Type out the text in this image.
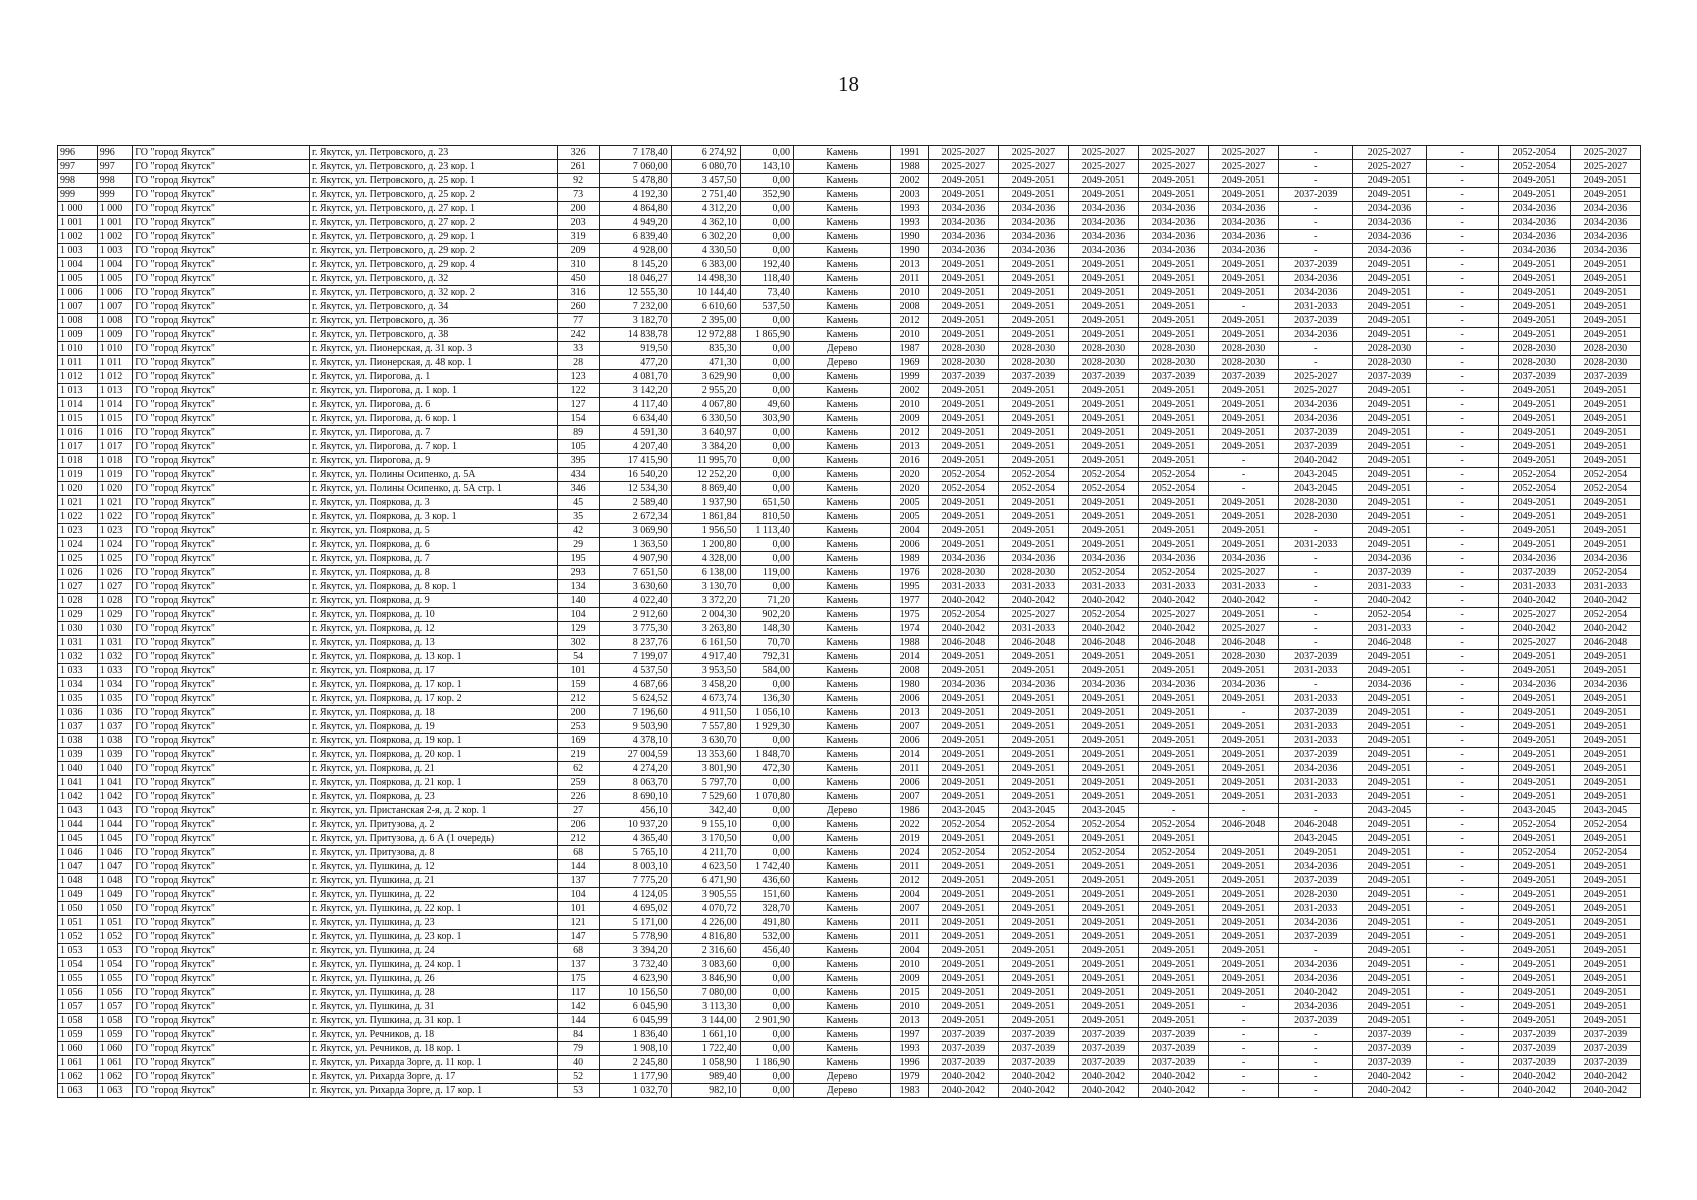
18
996	996	ГО "город Якутск"	г. Якутск, ул. Петровского, д. 23	326	7 178,40	6 274,92	0,00	Камень	1991	2025-2027	2025-2027	2025-2027	2025-2027	2025-2027	-	2025-2027	-	2052-2054	2025-2027
997	997	ГО "город Якутск"	г. Якутск, ул. Петровского, д. 23 кор. 1	261	7 060,00	6 080,70	143,10	Камень	1988	2025-2027	2025-2027	2025-2027	2025-2027	2025-2027	-	2025-2027	-	2052-2054	2025-2027
998	998	ГО "город Якутск"	г. Якутск, ул. Петровского, д. 25 кор. 1	92	5 478,80	3 457,50	0,00	Камень	2002	2049-2051	2049-2051	2049-2051	2049-2051	2049-2051	-	2049-2051	-	2049-2051	2049-2051
999	999	ГО "город Якутск"	г. Якутск, ул. Петровского, д. 25 кор. 2	73	4 192,30	2 751,40	352,90	Камень	2003	2049-2051	2049-2051	2049-2051	2049-2051	2049-2051	2037-2039	2049-2051	-	2049-2051	2049-2051
1 000	1 000	ГО "город Якутск"	г. Якутск, ул. Петровского, д. 27 кор. 1	200	4 864,80	4 312,20	0,00	Камень	1993	2034-2036	2034-2036	2034-2036	2034-2036	2034-2036	-	2034-2036	-	2034-2036	2034-2036
1 001	1 001	ГО "город Якутск"	г. Якутск, ул. Петровского, д. 27 кор. 2	203	4 949,20	4 362,10	0,00	Камень	1993	2034-2036	2034-2036	2034-2036	2034-2036	2034-2036	-	2034-2036	-	2034-2036	2034-2036
1 002	1 002	ГО "город Якутск"	г. Якутск, ул. Петровского, д. 29 кор. 1	319	6 839,40	6 302,20	0,00	Камень	1990	2034-2036	2034-2036	2034-2036	2034-2036	2034-2036	-	2034-2036	-	2034-2036	2034-2036
1 003	1 003	ГО "город Якутск"	г. Якутск, ул. Петровского, д. 29 кор. 2	209	4 928,00	4 330,50	0,00	Камень	1990	2034-2036	2034-2036	2034-2036	2034-2036	2034-2036	-	2034-2036	-	2034-2036	2034-2036
1 004	1 004	ГО "город Якутск"	г. Якутск, ул. Петровского, д. 29 кор. 4	310	8 145,20	6 383,00	192,40	Камень	2013	2049-2051	2049-2051	2049-2051	2049-2051	2049-2051	2037-2039	2049-2051	-	2049-2051	2049-2051
1 005	1 005	ГО "город Якутск"	г. Якутск, ул. Петровского, д. 32	450	18 046,27	14 498,30	118,40	Камень	2011	2049-2051	2049-2051	2049-2051	2049-2051	2049-2051	2034-2036	2049-2051	-	2049-2051	2049-2051
1 006	1 006	ГО "город Якутск"	г. Якутск, ул. Петровского, д. 32 кор. 2	316	12 555,30	10 144,40	73,40	Камень	2010	2049-2051	2049-2051	2049-2051	2049-2051	2049-2051	2034-2036	2049-2051	-	2049-2051	2049-2051
1 007	1 007	ГО "город Якутск"	г. Якутск, ул. Петровского, д. 34	260	7 232,00	6 610,60	537,50	Камень	2008	2049-2051	2049-2051	2049-2051	2049-2051	-	2031-2033	2049-2051	-	2049-2051	2049-2051
1 008	1 008	ГО "город Якутск"	г. Якутск, ул. Петровского, д. 36	77	3 182,70	2 395,00	0,00	Камень	2012	2049-2051	2049-2051	2049-2051	2049-2051	2049-2051	2037-2039	2049-2051	-	2049-2051	2049-2051
1 009	1 009	ГО "город Якутск"	г. Якутск, ул. Петровского, д. 38	242	14 838,78	12 972,88	1 865,90	Камень	2010	2049-2051	2049-2051	2049-2051	2049-2051	2049-2051	2034-2036	2049-2051	-	2049-2051	2049-2051
1 010	1 010	ГО "город Якутск"	г. Якутск, ул. Пионерская, д. 31 кор. 3	33	919,50	835,30	0,00	Дерево	1987	2028-2030	2028-2030	2028-2030	2028-2030	2028-2030	-	2028-2030	-	2028-2030	2028-2030
1 011	1 011	ГО "город Якутск"	г. Якутск, ул. Пионерская, д. 48 кор. 1	28	477,20	471,30	0,00	Дерево	1969	2028-2030	2028-2030	2028-2030	2028-2030	2028-2030	-	2028-2030	-	2028-2030	2028-2030
1 012	1 012	ГО "город Якутск"	г. Якутск, ул. Пирогова, д. 1	123	4 081,70	3 629,90	0,00	Камень	1999	2037-2039	2037-2039	2037-2039	2037-2039	2037-2039	2025-2027	2037-2039	-	2037-2039	2037-2039
1 013	1 013	ГО "город Якутск"	г. Якутск, ул. Пирогова, д. 1 кор. 1	122	3 142,20	2 955,20	0,00	Камень	2002	2049-2051	2049-2051	2049-2051	2049-2051	2049-2051	2025-2027	2049-2051	-	2049-2051	2049-2051
1 014	1 014	ГО "город Якутск"	г. Якутск, ул. Пирогова, д. 6	127	4 117,40	4 067,80	49,60	Камень	2010	2049-2051	2049-2051	2049-2051	2049-2051	2049-2051	2034-2036	2049-2051	-	2049-2051	2049-2051
1 015	1 015	ГО "город Якутск"	г. Якутск, ул. Пирогова, д. 6 кор. 1	154	6 634,40	6 330,50	303,90	Камень	2009	2049-2051	2049-2051	2049-2051	2049-2051	2049-2051	2034-2036	2049-2051	-	2049-2051	2049-2051
1 016	1 016	ГО "город Якутск"	г. Якутск, ул. Пирогова, д. 7	89	4 591,30	3 640,97	0,00	Камень	2012	2049-2051	2049-2051	2049-2051	2049-2051	2049-2051	2037-2039	2049-2051	-	2049-2051	2049-2051
1 017	1 017	ГО "город Якутск"	г. Якутск, ул. Пирогова, д. 7 кор. 1	105	4 207,40	3 384,20	0,00	Камень	2013	2049-2051	2049-2051	2049-2051	2049-2051	2049-2051	2037-2039	2049-2051	-	2049-2051	2049-2051
1 018	1 018	ГО "город Якутск"	г. Якутск, ул. Пирогова, д. 9	395	17 415,90	11 995,70	0,00	Камень	2016	2049-2051	2049-2051	2049-2051	2049-2051	-	2040-2042	2049-2051	-	2049-2051	2049-2051
1 019	1 019	ГО "город Якутск"	г. Якутск, ул. Полины Осипенко, д. 5А	434	16 540,20	12 252,20	0,00	Камень	2020	2052-2054	2052-2054	2052-2054	2052-2054	-	2043-2045	2049-2051	-	2052-2054	2052-2054
1 020	1 020	ГО "город Якутск"	г. Якутск, ул. Полины Осипенко, д. 5А стр. 1	346	12 534,30	8 869,40	0,00	Камень	2020	2052-2054	2052-2054	2052-2054	2052-2054	-	2043-2045	2049-2051	-	2052-2054	2052-2054
1 021	1 021	ГО "город Якутск"	г. Якутск, ул. Пояркова, д. 3	45	2 589,40	1 937,90	651,50	Камень	2005	2049-2051	2049-2051	2049-2051	2049-2051	2049-2051	2028-2030	2049-2051	-	2049-2051	2049-2051
1 022	1 022	ГО "город Якутск"	г. Якутск, ул. Пояркова, д. 3 кор. 1	35	2 672,34	1 861,84	810,50	Камень	2005	2049-2051	2049-2051	2049-2051	2049-2051	2049-2051	2028-2030	2049-2051	-	2049-2051	2049-2051
1 023	1 023	ГО "город Якутск"	г. Якутск, ул. Пояркова, д. 5	42	3 069,90	1 956,50	1 113,40	Камень	2004	2049-2051	2049-2051	2049-2051	2049-2051	2049-2051	-	2049-2051	-	2049-2051	2049-2051
1 024	1 024	ГО "город Якутск"	г. Якутск, ул. Пояркова, д. 6	29	1 363,50	1 200,80	0,00	Камень	2006	2049-2051	2049-2051	2049-2051	2049-2051	2049-2051	2031-2033	2049-2051	-	2049-2051	2049-2051
1 025	1 025	ГО "город Якутск"	г. Якутск, ул. Пояркова, д. 7	195	4 907,90	4 328,00	0,00	Камень	1989	2034-2036	2034-2036	2034-2036	2034-2036	2034-2036	-	2034-2036	-	2034-2036	2034-2036
1 026	1 026	ГО "город Якутск"	г. Якутск, ул. Пояркова, д. 8	293	7 651,50	6 138,00	119,00	Камень	1976	2028-2030	2028-2030	2052-2054	2052-2054	2025-2027	-	2037-2039	-	2037-2039	2052-2054
1 027	1 027	ГО "город Якутск"	г. Якутск, ул. Пояркова, д. 8 кор. 1	134	3 630,60	3 130,70	0,00	Камень	1995	2031-2033	2031-2033	2031-2033	2031-2033	2031-2033	-	2031-2033	-	2031-2033	2031-2033
1 028	1 028	ГО "город Якутск"	г. Якутск, ул. Пояркова, д. 9	140	4 022,40	3 372,20	71,20	Камень	1977	2040-2042	2040-2042	2040-2042	2040-2042	2040-2042	-	2040-2042	-	2040-2042	2040-2042
1 029	1 029	ГО "город Якутск"	г. Якутск, ул. Пояркова, д. 10	104	2 912,60	2 004,30	902,20	Камень	1975	2052-2054	2025-2027	2052-2054	2025-2027	2049-2051	-	2052-2054	-	2025-2027	2052-2054
1 030	1 030	ГО "город Якутск"	г. Якутск, ул. Пояркова, д. 12	129	3 775,30	3 263,80	148,30	Камень	1974	2040-2042	2031-2033	2040-2042	2040-2042	2025-2027	-	2031-2033	-	2040-2042	2040-2042
1 031	1 031	ГО "город Якутск"	г. Якутск, ул. Пояркова, д. 13	302	8 237,76	6 161,50	70,70	Камень	1988	2046-2048	2046-2048	2046-2048	2046-2048	2046-2048	-	2046-2048	-	2025-2027	2046-2048
1 032	1 032	ГО "город Якутск"	г. Якутск, ул. Пояркова, д. 13 кор. 1	54	7 199,07	4 917,40	792,31	Камень	2014	2049-2051	2049-2051	2049-2051	2049-2051	2028-2030	2037-2039	2049-2051	-	2049-2051	2049-2051
1 033	1 033	ГО "город Якутск"	г. Якутск, ул. Пояркова, д. 17	101	4 537,50	3 953,50	584,00	Камень	2008	2049-2051	2049-2051	2049-2051	2049-2051	2049-2051	2031-2033	2049-2051	-	2049-2051	2049-2051
1 034	1 034	ГО "город Якутск"	г. Якутск, ул. Пояркова, д. 17 кор. 1	159	4 687,66	3 458,20	0,00	Камень	1980	2034-2036	2034-2036	2034-2036	2034-2036	2034-2036	-	2034-2036	-	2034-2036	2034-2036
1 035	1 035	ГО "город Якутск"	г. Якутск, ул. Пояркова, д. 17 кор. 2	212	5 624,52	4 673,74	136,30	Камень	2006	2049-2051	2049-2051	2049-2051	2049-2051	2049-2051	2031-2033	2049-2051	-	2049-2051	2049-2051
1 036	1 036	ГО "город Якутск"	г. Якутск, ул. Пояркова, д. 18	200	7 196,60	4 911,50	1 056,10	Камень	2013	2049-2051	2049-2051	2049-2051	2049-2051	-	2037-2039	2049-2051	-	2049-2051	2049-2051
1 037	1 037	ГО "город Якутск"	г. Якутск, ул. Пояркова, д. 19	253	9 503,90	7 557,80	1 929,30	Камень	2007	2049-2051	2049-2051	2049-2051	2049-2051	2049-2051	2031-2033	2049-2051	-	2049-2051	2049-2051
1 038	1 038	ГО "город Якутск"	г. Якутск, ул. Пояркова, д. 19 кор. 1	169	4 378,10	3 630,70	0,00	Камень	2006	2049-2051	2049-2051	2049-2051	2049-2051	2049-2051	2031-2033	2049-2051	-	2049-2051	2049-2051
1 039	1 039	ГО "город Якутск"	г. Якутск, ул. Пояркова, д. 20 кор. 1	219	27 004,59	13 353,60	1 848,70	Камень	2014	2049-2051	2049-2051	2049-2051	2049-2051	2049-2051	2037-2039	2049-2051	-	2049-2051	2049-2051
1 040	1 040	ГО "город Якутск"	г. Якутск, ул. Пояркова, д. 21	62	4 274,20	3 801,90	472,30	Камень	2011	2049-2051	2049-2051	2049-2051	2049-2051	2049-2051	2034-2036	2049-2051	-	2049-2051	2049-2051
1 041	1 041	ГО "город Якутск"	г. Якутск, ул. Пояркова, д. 21 кор. 1	259	8 063,70	5 797,70	0,00	Камень	2006	2049-2051	2049-2051	2049-2051	2049-2051	2049-2051	2031-2033	2049-2051	-	2049-2051	2049-2051
1 042	1 042	ГО "город Якутск"	г. Якутск, ул. Пояркова, д. 23	226	8 690,10	7 529,60	1 070,80	Камень	2007	2049-2051	2049-2051	2049-2051	2049-2051	2049-2051	2031-2033	2049-2051	-	2049-2051	2049-2051
1 043	1 043	ГО "город Якутск"	г. Якутск, ул. Пристанская 2-я, д. 2 кор. 1	27	456,10	342,40	0,00	Дерево	1986	2043-2045	2043-2045	2043-2045	-	-	-	2043-2045	-	2043-2045	2043-2045
1 044	1 044	ГО "город Якутск"	г. Якутск, ул. Притузова, д. 2	206	10 937,20	9 155,10	0,00	Камень	2022	2052-2054	2052-2054	2052-2054	2052-2054	2046-2048	2046-2048	2049-2051	-	2052-2054	2052-2054
1 045	1 045	ГО "город Якутск"	г. Якутск, ул. Притузова, д. 6 А (1 очередь)	212	4 365,40	3 170,50	0,00	Камень	2019	2049-2051	2049-2051	2049-2051	2049-2051		2043-2045	2049-2051	-	2049-2051	2049-2051
1 046	1 046	ГО "город Якутск"	г. Якутск, ул. Притузова, д. 8	68	5 765,10	4 211,70	0,00	Камень	2024	2052-2054	2052-2054	2052-2054	2052-2054	2049-2051	2049-2051	2049-2051	-	2052-2054	2052-2054
1 047	1 047	ГО "город Якутск"	г. Якутск, ул. Пушкина, д. 12	144	8 003,10	4 623,50	1 742,40	Камень	2011	2049-2051	2049-2051	2049-2051	2049-2051	2049-2051	2034-2036	2049-2051	-	2049-2051	2049-2051
1 048	1 048	ГО "город Якутск"	г. Якутск, ул. Пушкина, д. 21	137	7 775,20	6 471,90	436,60	Камень	2012	2049-2051	2049-2051	2049-2051	2049-2051	2049-2051	2037-2039	2049-2051	-	2049-2051	2049-2051
1 049	1 049	ГО "город Якутск"	г. Якутск, ул. Пушкина, д. 22	104	4 124,05	3 905,55	151,60	Камень	2004	2049-2051	2049-2051	2049-2051	2049-2051	2049-2051	2028-2030	2049-2051	-	2049-2051	2049-2051
1 050	1 050	ГО "город Якутск"	г. Якутск, ул. Пушкина, д. 22 кор. 1	101	4 695,02	4 070,72	328,70	Камень	2007	2049-2051	2049-2051	2049-2051	2049-2051	2049-2051	2031-2033	2049-2051	-	2049-2051	2049-2051
1 051	1 051	ГО "город Якутск"	г. Якутск, ул. Пушкина, д. 23	121	5 171,00	4 226,00	491,80	Камень	2011	2049-2051	2049-2051	2049-2051	2049-2051	2049-2051	2034-2036	2049-2051	-	2049-2051	2049-2051
1 052	1 052	ГО "город Якутск"	г. Якутск, ул. Пушкина, д. 23 кор. 1	147	5 778,90	4 816,80	532,00	Камень	2011	2049-2051	2049-2051	2049-2051	2049-2051	2049-2051	2037-2039	2049-2051	-	2049-2051	2049-2051
1 053	1 053	ГО "город Якутск"	г. Якутск, ул. Пушкина, д. 24	68	3 394,20	2 316,60	456,40	Камень	2004	2049-2051	2049-2051	2049-2051	2049-2051	2049-2051	-	2049-2051	-	2049-2051	2049-2051
1 054	1 054	ГО "город Якутск"	г. Якутск, ул. Пушкина, д. 24 кор. 1	137	3 732,40	3 083,60	0,00	Камень	2010	2049-2051	2049-2051	2049-2051	2049-2051	2049-2051	2034-2036	2049-2051	-	2049-2051	2049-2051
1 055	1 055	ГО "город Якутск"	г. Якутск, ул. Пушкина, д. 26	175	4 623,90	3 846,90	0,00	Камень	2009	2049-2051	2049-2051	2049-2051	2049-2051	2049-2051	2034-2036	2049-2051	-	2049-2051	2049-2051
1 056	1 056	ГО "город Якутск"	г. Якутск, ул. Пушкина, д. 28	117	10 156,50	7 080,00	0,00	Камень	2015	2049-2051	2049-2051	2049-2051	2049-2051	2049-2051	2040-2042	2049-2051	-	2049-2051	2049-2051
1 057	1 057	ГО "город Якутск"	г. Якутск, ул. Пушкина, д. 31	142	6 045,90	3 113,30	0,00	Камень	2010	2049-2051	2049-2051	2049-2051	2049-2051	-	2034-2036	2049-2051	-	2049-2051	2049-2051
1 058	1 058	ГО "город Якутск"	г. Якутск, ул. Пушкина, д. 31 кор. 1	144	6 045,99	3 144,00	2 901,90	Камень	2013	2049-2051	2049-2051	2049-2051	2049-2051	-	2037-2039	2049-2051	-	2049-2051	2049-2051
1 059	1 059	ГО "город Якутск"	г. Якутск, ул. Речников, д. 18	84	1 836,40	1 661,10	0,00	Камень	1997	2037-2039	2037-2039	2037-2039	2037-2039	-	-	2037-2039	-	2037-2039	2037-2039
1 060	1 060	ГО "город Якутск"	г. Якутск, ул. Речников, д. 18 кор. 1	79	1 908,10	1 722,40	0,00	Камень	1993	2037-2039	2037-2039	2037-2039	2037-2039	-	-	2037-2039	-	2037-2039	2037-2039
1 061	1 061	ГО "город Якутск"	г. Якутск, ул. Рихарда Зорге, д. 11 кор. 1	40	2 245,80	1 058,90	1 186,90	Камень	1996	2037-2039	2037-2039	2037-2039	2037-2039	-	-	2037-2039	-	2037-2039	2037-2039
1 062	1 062	ГО "город Якутск"	г. Якутск, ул. Рихарда Зорге, д. 17	52	1 177,90	989,40	0,00	Дерево	1979	2040-2042	2040-2042	2040-2042	2040-2042	-	-	2040-2042	-	2040-2042	2040-2042
1 063	1 063	ГО "город Якутск"	г. Якутск, ул. Рихарда Зорге, д. 17 кор. 1	53	1 032,70	982,10	0,00	Дерево	1983	2040-2042	2040-2042	2040-2042	2040-2042	-	-	2040-2042	-	2040-2042	2040-2042
